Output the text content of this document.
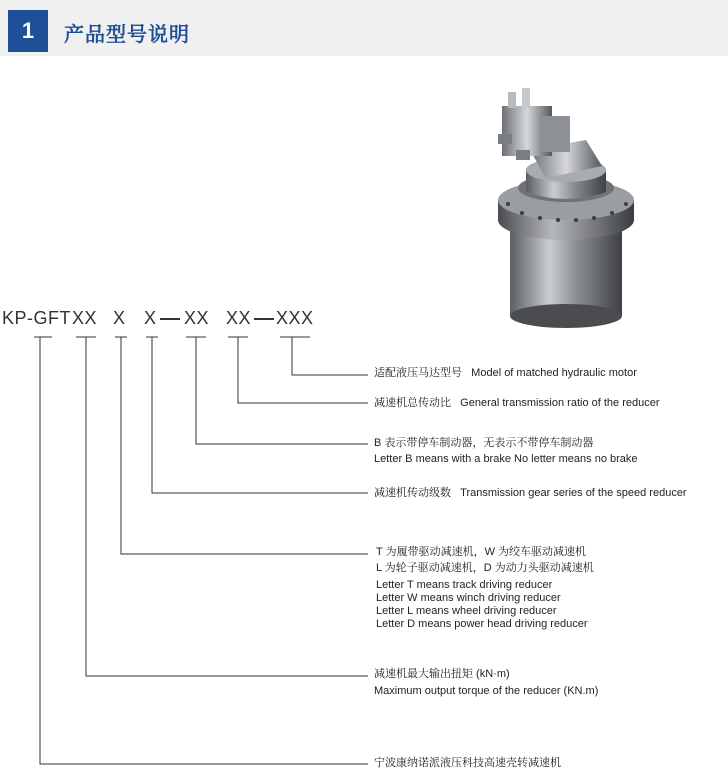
1	产品型号说明
KP-GFT XX X X XX XX XXX
适配液压马达型号 Model of matched hydraulic motor
减速机总传动比 General transmission ratio of the reducer
B 表示带停车制动器，无表示不带停车制动器
Letter B means with a brake No letter means no brake
减速机传动级数 Transmission gear series of the speed reducer
T 为履带驱动减速机，W 为绞车驱动减速机
L 为轮子驱动减速机，D 为动力头驱动减速机
Letter T means track driving reducer
Letter W means winch driving reducer
Letter L means wheel driving reducer
Letter D means power head driving reducer
减速机最大输出扭矩 (kN·m)
Maximum output torque of the reducer (KN.m)
宁波康纳诺派液压科技高速壳转减速机
